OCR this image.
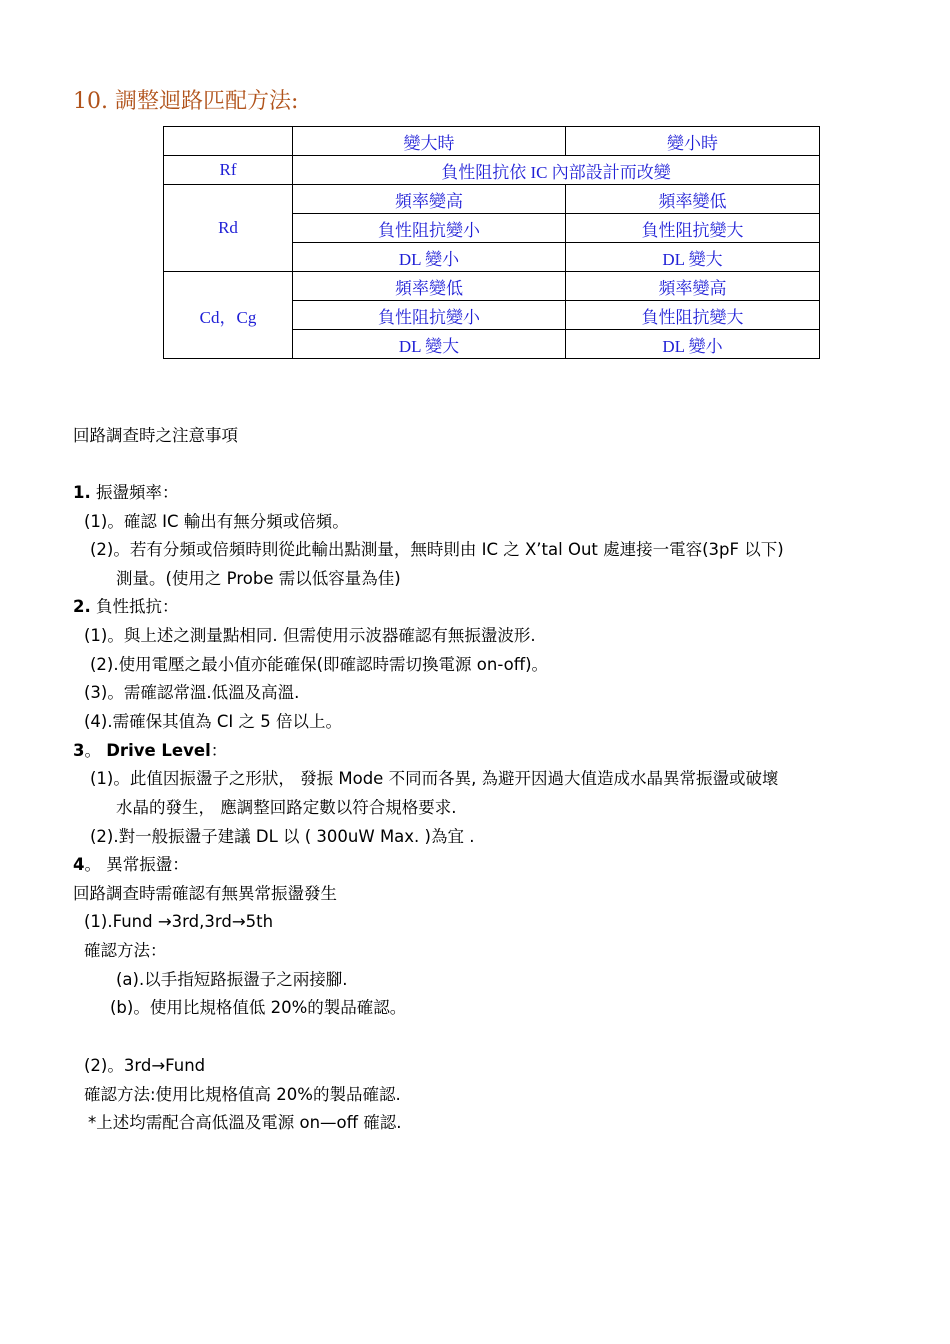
10. 調整迴路匹配方法:
	變大時	變小時
Rf	負性阻抗依 IC 內部設計而改變	
Rd	頻率變高	頻率變低
	負性阻抗變小	負性阻抗變大
	DL 變小	DL 變大
Cd，Cg	頻率變低	頻率變高
	負性阻抗變小	負性阻抗變大
	DL 變大	DL 變小
回路調查時之注意事項
1. 振盪頻率：
(1)。確認 IC 輸出有無分頻或倍頻。
(2)。若有分頻或倍頻時則從此輸出點測量，無時則由 IC 之 X’tal Out 處連接一電容(3pF 以下)
測量。(使用之 Probe 需以低容量為佳)
2. 負性抵抗：
(1)。與上述之測量點相同. 但需使用示波器確認有無振盪波形.
(2).使用電壓之最小值亦能確保(即確認時需切換電源 on-off)。
(3)。需確認常溫.低溫及高溫.
(4).需確保其值為 CI 之 5 倍以上。
3。 Drive Level：
(1)。此值因振盪子之形狀， 發振 Mode 不同而各異, 為避开因過大值造成水晶異常振盪或破壞
水晶的發生， 應調整回路定數以符合規格要求.
(2).對一般振盪子建議 DL 以 ( 300uW Max. )為宜 .
4。 異常振盪：
回路調查時需確認有無異常振盪發生
(1).Fund →3rd,3rd→5th
確認方法：
(a).以手指短路振盪子之兩接腳.
(b)。使用比規格值低 20%的製品確認。
(2)。3rd→Fund
確認方法:使用比規格值高 20%的製品確認.
*上述均需配合高低溫及電源 on—off 確認.
